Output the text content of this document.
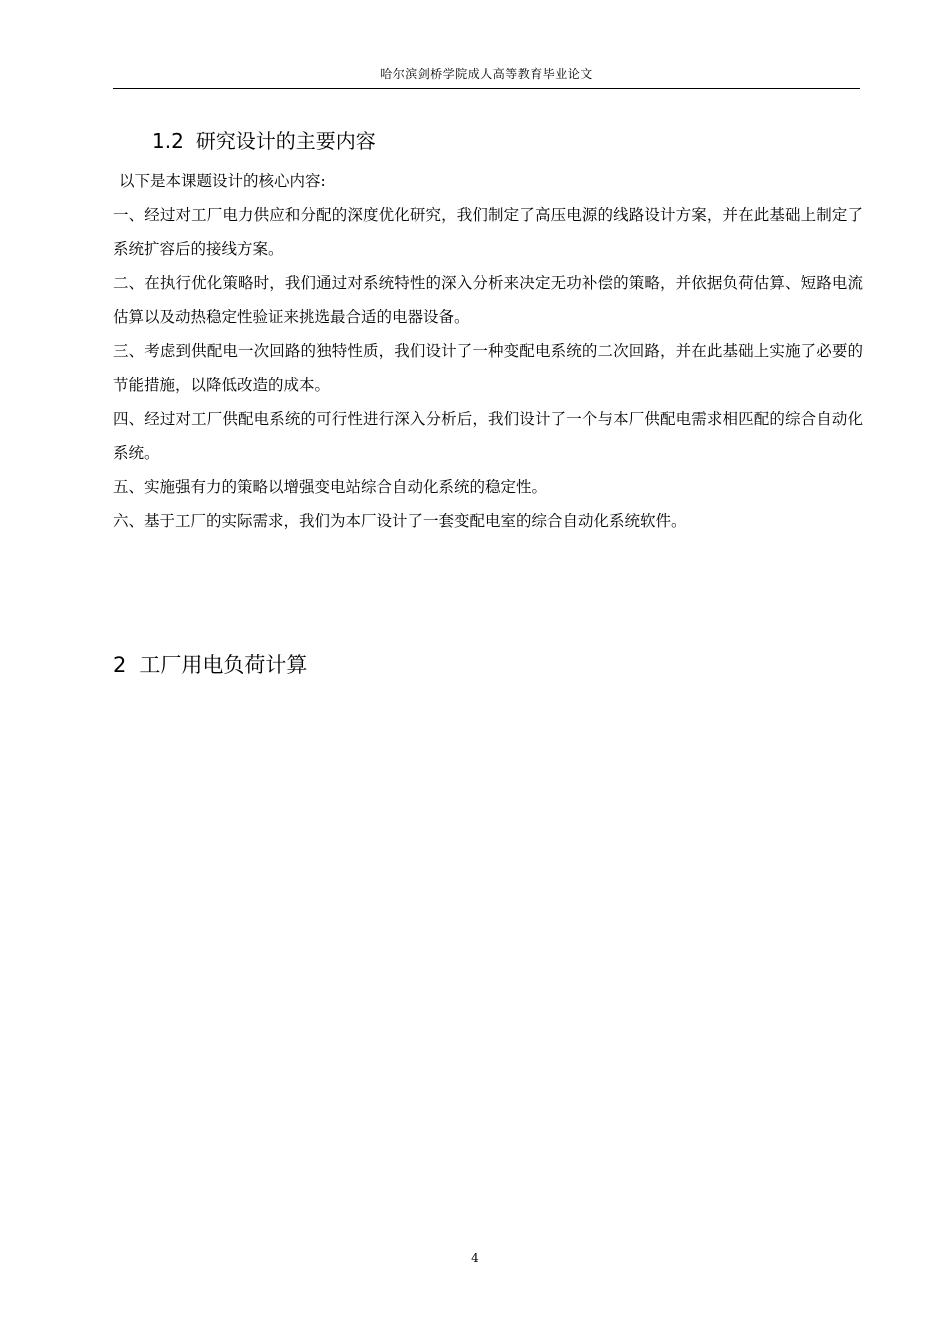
哈尔滨剑桥学院成人高等教育毕业论文
1.2 研究设计的主要内容

以下是本课题设计的核心内容:

一、经过对工厂电力供应和分配的深度优化研究，我们制定了高压电源的线路设计方案，并在此基础上制定了系统扩容后的接线方案。

二、在执行优化策略时，我们通过对系统特性的深入分析来决定无功补偿的策略，并依据负荷估算、短路电流估算以及动热稳定性验证来挑选最合适的电器设备。

三、考虑到供配电一次回路的独特性质，我们设计了一种变配电系统的二次回路，并在此基础上实施了必要的节能措施，以降低改造的成本。

四、经过对工厂供配电系统的可行性进行深入分析后，我们设计了一个与本厂供配电需求相匹配的综合自动化系统。

五、实施强有力的策略以增强变电站综合自动化系统的稳定性。

六、基于工厂的实际需求，我们为本厂设计了一套变配电室的综合自动化系统软件。

2 工厂用电负荷计算
4
